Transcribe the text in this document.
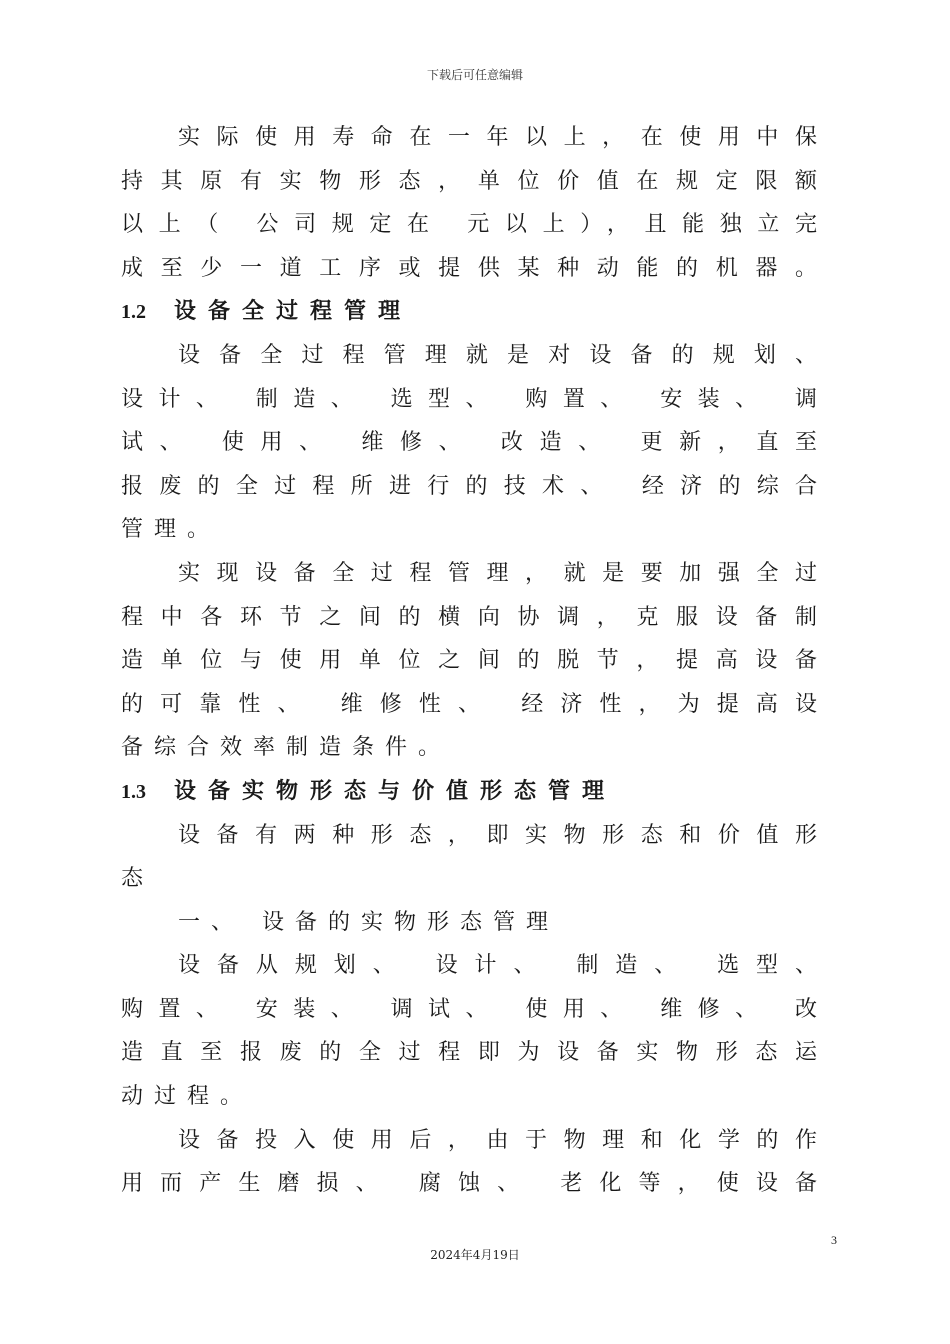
下载后可任意编辑
实际使用寿命在一年以上，在使用中保
持其原有实物形态，单位价值在规定限额
以上（ 公司规定在 元以上），且能独立完
成至少一道工序或提供某种动能的机器。
1.2 设备全过程管理
设备全过程管理就是对设备的规划、
设计、 制造、 选型、 购置、 安装、 调
试、 使用、 维修、 改造、 更新，直至
报废的全过程所进行的技术、 经济的综合
管理。
实现设备全过程管理，就是要加强全过
程中各环节之间的横向协调，克服设备制
造单位与使用单位之间的脱节，提高设备
的可靠性、 维修性、 经济性，为提高设
备综合效率制造条件。
1.3 设备实物形态与价值形态管理
设备有两种形态，即实物形态和价值形
态
一、 设备的实物形态管理
设备从规划、 设计、 制造、 选型、
购置、 安装、 调试、 使用、 维修、 改
造直至报废的全过程即为设备实物形态运
动过程。
设备投入使用后，由于物理和化学的作
用而产生磨损、 腐蚀、 老化等，使设备
3
2024年4月19日
